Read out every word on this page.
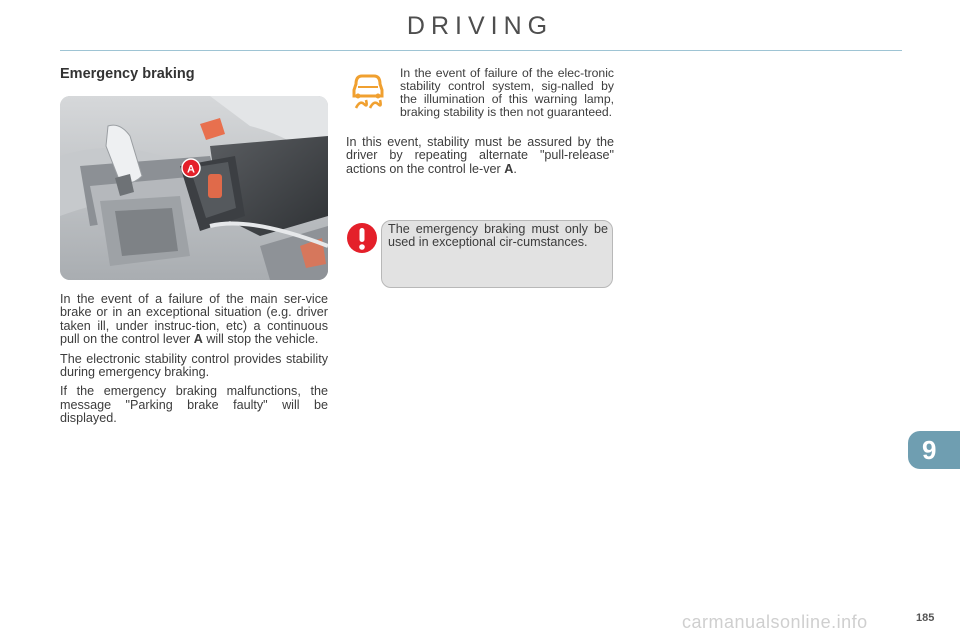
DRIVING
Emergency braking
A

In the event of a failure of the main ser-vice brake or in an exceptional situation (e.g. driver taken ill, under instruc-tion, etc) a continuous pull on the control lever A will stop the vehicle.

The electronic stability control provides stability during emergency braking.

If the emergency braking malfunctions, the message "Parking brake faulty" will be displayed.

In the event of failure of the elec-tronic stability control system, sig-nalled by the illumination of this warning lamp, braking stability is then not guaranteed.
In this event, stability must be assured by the driver by repeating alternate "pull-release" actions on the control le-ver A.
The emergency braking must only be used in exceptional cir-cumstances.
9
carmanualsonline.info	185
